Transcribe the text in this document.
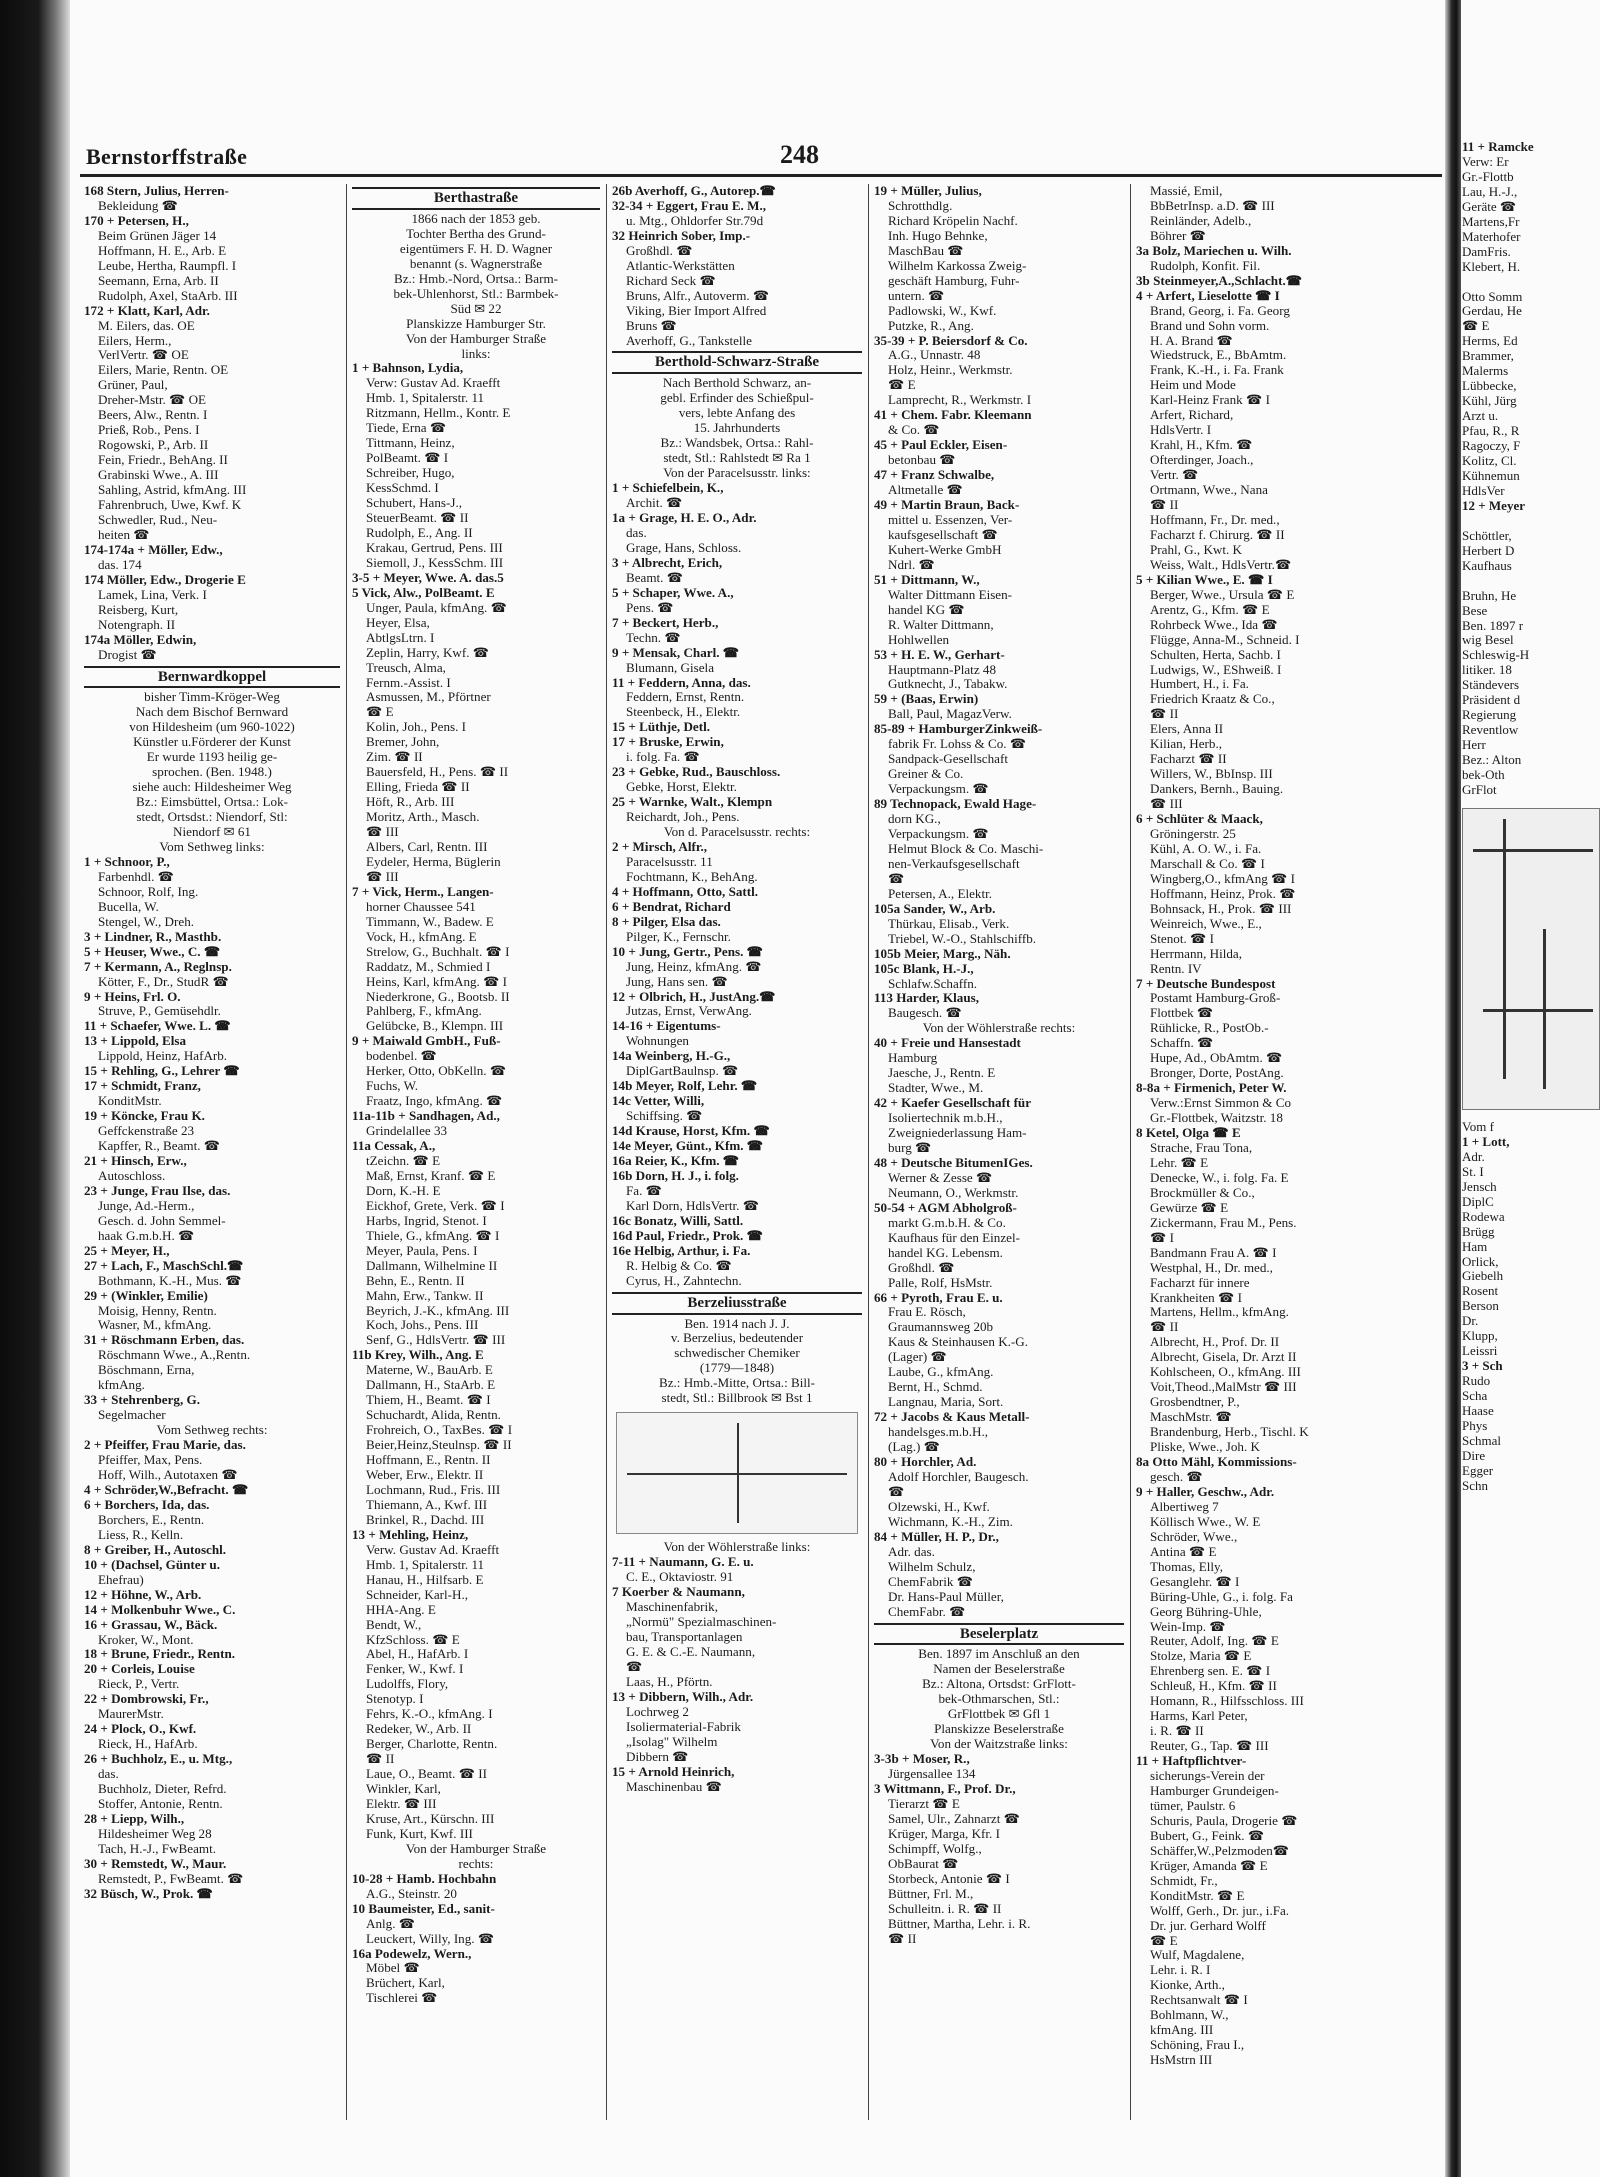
Bernstorffstraße	248
168 Stern, Julius, Herren-
Bekleidung ☎
170 + Petersen, H.,
Beim Grünen Jäger 14
Hoffmann, H. E., Arb. E
Leube, Hertha, Raumpfl. I
Seemann, Erna, Arb. II
Rudolph, Axel, StaArb. III
172 + Klatt, Karl, Adr.
M. Eilers, das. OE
Eilers, Herm.,
VerlVertr. ☎ OE
Eilers, Marie, Rentn. OE
Grüner, Paul,
Dreher-Mstr. ☎ OE
Beers, Alw., Rentn. I
Prieß, Rob., Pens. I
Rogowski, P., Arb. II
Fein, Friedr., BehAng. II
Grabinski Wwe., A. III
Sahling, Astrid, kfmAng. III
Fahrenbruch, Uwe, Kwf. K
Schwedler, Rud., Neu-
heiten ☎
174-174a + Möller, Edw.,
das. 174
174 Möller, Edw., Drogerie E
Lamek, Lina, Verk. I
Reisberg, Kurt,
Notengraph. II
174a Möller, Edwin,
Drogist ☎
Bernwardkoppel
bisher Timm-Kröger-Weg
Nach dem Bischof Bernward
von Hildesheim (um 960-1022)
Künstler u.Förderer der Kunst
Er wurde 1193 heilig ge-
sprochen. (Ben. 1948.)
siehe auch: Hildesheimer Weg
Bz.: Eimsbüttel, Ortsa.: Lok-
stedt, Ortsdst.: Niendorf, Stl:
Niendorf ✉ 61
Vom Sethweg links:
1 + Schnoor, P.,
Farbenhdl. ☎
Schnoor, Rolf, Ing.
Bucella, W.
Stengel, W., Dreh.
3 + Lindner, R., Masthb.
5 + Heuser, Wwe., C. ☎
7 + Kermann, A., Reglnsp.
Kötter, F., Dr., StudR ☎
9 + Heins, Frl. O.
Struve, P., Gemüsehdlr.
11 + Schaefer, Wwe. L. ☎
13 + Lippold, Elsa
Lippold, Heinz, HafArb.
15 + Rehling, G., Lehrer ☎
17 + Schmidt, Franz,
KonditMstr.
19 + Köncke, Frau K.
Geffckenstraße 23
Kapffer, R., Beamt. ☎
21 + Hinsch, Erw.,
Autoschloss.
23 + Junge, Frau Ilse, das.
Junge, Ad.-Herm.,
Gesch. d. John Semmel-
haak G.m.b.H. ☎
25 + Meyer, H.,
27 + Lach, F., MaschSchl.☎
Bothmann, K.-H., Mus. ☎
29 + (Winkler, Emilie)
Moisig, Henny, Rentn.
Wasner, M., kfmAng.
31 + Röschmann Erben, das.
Röschmann Wwe., A.,Rentn.
Böschmann, Erna,
kfmAng.
33 + Stehrenberg, G.
Segelmacher
Vom Sethweg rechts:
2 + Pfeiffer, Frau Marie, das.
Pfeiffer, Max, Pens.
Hoff, Wilh., Autotaxen ☎
4 + Schröder,W.,Befracht. ☎
6 + Borchers, Ida, das.
Borchers, E., Rentn.
Liess, R., Kelln.
8 + Greiber, H., Autoschl.
10 + (Dachsel, Günter u.
Ehefrau)
12 + Höhne, W., Arb.
14 + Molkenbuhr Wwe., C.
16 + Grassau, W., Bäck.
Kroker, W., Mont.
18 + Brune, Friedr., Rentn.
20 + Corleis, Louise
Rieck, P., Vertr.
22 + Dombrowski, Fr.,
MaurerMstr.
24 + Plock, O., Kwf.
Rieck, H., HafArb.
26 + Buchholz, E., u. Mtg.,
das.
Buchholz, Dieter, Refrd.
Stoffer, Antonie, Rentn.
28 + Liepp, Wilh.,
Hildesheimer Weg 28
Tach, H.-J., FwBeamt.
30 + Remstedt, W., Maur.
Remstedt, P., FwBeamt. ☎
32 Büsch, W., Prok. ☎
Berthastraße
1866 nach der 1853 geb.
Tochter Bertha des Grund-
eigentümers F. H. D. Wagner
benannt (s. Wagnerstraße
Bz.: Hmb.-Nord, Ortsa.: Barm-
bek-Uhlenhorst, Stl.: Barmbek-
Süd ✉ 22
Planskizze Hamburger Str.
Von der Hamburger Straße
links:
1 + Bahnson, Lydia,
Verw: Gustav Ad. Kraefft
Hmb. 1, Spitalerstr. 11
Ritzmann, Hellm., Kontr. E
Tiede, Erna ☎
Tittmann, Heinz,
PolBeamt. ☎ I
Schreiber, Hugo,
KessSchmd. I
Schubert, Hans-J.,
SteuerBeamt. ☎ II
Rudolph, E., Ang. II
Krakau, Gertrud, Pens. III
Siemoll, J., KessSchm. III
3-5 + Meyer, Wwe. A. das.5
5 Vick, Alw., PolBeamt. E
Unger, Paula, kfmAng. ☎
Heyer, Elsa,
AbtlgsLtrn. I
Zeplin, Harry, Kwf. ☎
Treusch, Alma,
Fernm.-Assist. I
Asmussen, M., Pförtner
☎ E
Kolin, Joh., Pens. I
Bremer, John,
Zim. ☎ II
Bauersfeld, H., Pens. ☎ II
Elling, Frieda ☎ II
Höft, R., Arb. III
Moritz, Arth., Masch.
☎ III
Albers, Carl, Rentn. III
Eydeler, Herma, Büglerin
☎ III
7 + Vick, Herm., Langen-
horner Chaussee 541
Timmann, W., Badew. E
Vock, H., kfmAng. E
Strelow, G., Buchhalt. ☎ I
Raddatz, M., Schmied I
Heins, Karl, kfmAng. ☎ I
Niederkrone, G., Bootsb. II
Pahlberg, F., kfmAng.
Gelübcke, B., Klempn. III
9 + Maiwald GmbH., Fuß-
bodenbel. ☎
Herker, Otto, ObKelln. ☎
Fuchs, W.
Fraatz, Ingo, kfmAng. ☎
11a-11b + Sandhagen, Ad.,
Grindelallee 33
11a Cessak, A.,
tZeichn. ☎ E
Maß, Ernst, Kranf. ☎ E
Dorn, K.-H. E
Eickhof, Grete, Verk. ☎ I
Harbs, Ingrid, Stenot. I
Thiele, G., kfmAng. ☎ I
Meyer, Paula, Pens. I
Dallmann, Wilhelmine II
Behn, E., Rentn. II
Mahn, Erw., Tankw. II
Beyrich, J.-K., kfmAng. III
Koch, Johs., Pens. III
Senf, G., HdlsVertr. ☎ III
11b Krey, Wilh., Ang. E
Materne, W., BauArb. E
Dallmann, H., StaArb. E
Thiem, H., Beamt. ☎ I
Schuchardt, Alida, Rentn.
Frohreich, O., TaxBes. ☎ I
Beier,Heinz,Steulnsp. ☎ II
Hoffmann, E., Rentn. II
Weber, Erw., Elektr. II
Lochmann, Rud., Fris. III
Thiemann, A., Kwf. III
Brinkel, R., Dachd. III
13 + Mehling, Heinz,
Verw. Gustav Ad. Kraefft
Hmb. 1, Spitalerstr. 11
Hanau, H., Hilfsarb. E
Schneider, Karl-H.,
HHA-Ang. E
Bendt, W.,
KfzSchloss. ☎ E
Abel, H., HafArb. I
Fenker, W., Kwf. I
Ludolffs, Flory,
Stenotyp. I
Fehrs, K.-O., kfmAng. I
Redeker, W., Arb. II
Berger, Charlotte, Rentn.
☎ II
Laue, O., Beamt. ☎ II
Winkler, Karl,
Elektr. ☎ III
Kruse, Art., Kürschn. III
Funk, Kurt, Kwf. III
Von der Hamburger Straße
rechts:
10-28 + Hamb. Hochbahn
A.G., Steinstr. 20
10 Baumeister, Ed., sanit-
Anlg. ☎
Leuckert, Willy, Ing. ☎
16a Podewelz, Wern.,
Möbel ☎
Brüchert, Karl,
Tischlerei ☎
26b Averhoff, G., Autorep.☎
32-34 + Eggert, Frau E. M.,
u. Mtg., Ohldorfer Str.79d
32 Heinrich Sober, Imp.-
Großhdl. ☎
Atlantic-Werkstätten
Richard Seck ☎
Bruns, Alfr., Autoverm. ☎
Viking, Bier Import Alfred
Bruns ☎
Averhoff, G., Tankstelle
Berthold-Schwarz-Straße
Nach Berthold Schwarz, an-
gebl. Erfinder des Schießpul-
vers, lebte Anfang des
15. Jahrhunderts
Bz.: Wandsbek, Ortsa.: Rahl-
stedt, Stl.: Rahlstedt ✉ Ra 1
Von der Paracelsusstr. links:
1 + Schiefelbein, K.,
Archit. ☎
1a + Grage, H. E. O., Adr.
das.
Grage, Hans, Schloss.
3 + Albrecht, Erich,
Beamt. ☎
5 + Schaper, Wwe. A.,
Pens. ☎
7 + Beckert, Herb.,
Techn. ☎
9 + Mensak, Charl. ☎
Blumann, Gisela
11 + Feddern, Anna, das.
Feddern, Ernst, Rentn.
Steenbeck, H., Elektr.
15 + Lüthje, Detl.
17 + Bruske, Erwin,
i. folg. Fa. ☎
23 + Gebke, Rud., Bauschloss.
Gebke, Horst, Elektr.
25 + Warnke, Walt., Klempn
Reichardt, Joh., Pens.
Von d. Paracelsusstr. rechts:
2 + Mirsch, Alfr.,
Paracelsusstr. 11
Fochtmann, K., BehAng.
4 + Hoffmann, Otto, Sattl.
6 + Bendrat, Richard
8 + Pilger, Elsa das.
Pilger, K., Fernschr.
10 + Jung, Gertr., Pens. ☎
Jung, Heinz, kfmAng. ☎
Jung, Hans sen. ☎
12 + Olbrich, H., JustAng.☎
Jutzas, Ernst, VerwAng.
14-16 + Eigentums-
Wohnungen
14a Weinberg, H.-G.,
DiplGartBaulnsp. ☎
14b Meyer, Rolf, Lehr. ☎
14c Vetter, Willi,
Schiffsing. ☎
14d Krause, Horst, Kfm. ☎
14e Meyer, Günt., Kfm. ☎
16a Reier, K., Kfm. ☎
16b Dorn, H. J., i. folg.
Fa. ☎
Karl Dorn, HdlsVertr. ☎
16c Bonatz, Willi, Sattl.
16d Paul, Friedr., Prok. ☎
16e Helbig, Arthur, i. Fa.
R. Helbig & Co. ☎
Cyrus, H., Zahntechn.
Berzeliusstraße
Ben. 1914 nach J. J.
v. Berzelius, bedeutender
schwedischer Chemiker
(1779—1848)
Bz.: Hmb.-Mitte, Ortsa.: Bill-
stedt, Stl.: Billbrook ✉ Bst 1
Von der Wöhlerstraße links:
7-11 + Naumann, G. E. u.
C. E., Oktaviostr. 91
7 Koerber & Naumann,
Maschinenfabrik,
„Normü" Spezialmaschinen-
bau, Transportanlagen
G. E. & C.-E. Naumann,
☎
Laas, H., Pförtn.
13 + Dibbern, Wilh., Adr.
Lochrweg 2
Isoliermaterial-Fabrik
„Isolag" Wilhelm
Dibbern ☎
15 + Arnold Heinrich,
Maschinenbau ☎
19 + Müller, Julius,
Schrotthdlg.
Richard Kröpelin Nachf.
Inh. Hugo Behnke,
MaschBau ☎
Wilhelm Karkossa Zweig-
geschäft Hamburg, Fuhr-
untern. ☎
Padlowski, W., Kwf.
Putzke, R., Ang.
35-39 + P. Beiersdorf & Co.
A.G., Unnastr. 48
Holz, Heinr., Werkmstr.
☎ E
Lamprecht, R., Werkmstr. I
41 + Chem. Fabr. Kleemann
& Co. ☎
45 + Paul Eckler, Eisen-
betonbau ☎
47 + Franz Schwalbe,
Altmetalle ☎
49 + Martin Braun, Back-
mittel u. Essenzen, Ver-
kaufsgesellschaft ☎
Kuhert-Werke GmbH
Ndrl. ☎
51 + Dittmann, W.,
Walter Dittmann Eisen-
handel KG ☎
R. Walter Dittmann,
Hohlwellen
53 + H. E. W., Gerhart-
Hauptmann-Platz 48
Gutknecht, J., Tabakw.
59 + (Baas, Erwin)
Ball, Paul, MagazVerw.
85-89 + HamburgerZinkweiß-
fabrik Fr. Lohss & Co. ☎
Sandpack-Gesellschaft
Greiner & Co.
Verpackungsm. ☎
89 Technopack, Ewald Hage-
dorn KG.,
Verpackungsm. ☎
Helmut Block & Co. Maschi-
nen-Verkaufsgesellschaft
☎
Petersen, A., Elektr.
105a Sander, W., Arb.
Thürkau, Elisab., Verk.
Triebel, W.-O., Stahlschiffb.
105b Meier, Marg., Näh.
105c Blank, H.-J.,
Schlafw.Schaffn.
113 Harder, Klaus,
Baugesch. ☎
Von der Wöhlerstraße rechts:
40 + Freie und Hansestadt
Hamburg
Jaesche, J., Rentn. E
Stadter, Wwe., M.
42 + Kaefer Gesellschaft für
Isoliertechnik m.b.H.,
Zweigniederlassung Ham-
burg ☎
48 + Deutsche BitumenIGes.
Werner & Zesse ☎
Neumann, O., Werkmstr.
50-54 + AGM Abholgroß-
markt G.m.b.H. & Co.
Kaufhaus für den Einzel-
handel KG. Lebensm.
Großhdl. ☎
Palle, Rolf, HsMstr.
66 + Pyroth, Frau E. u.
Frau E. Rösch,
Graumannsweg 20b
Kaus & Steinhausen K.-G.
(Lager) ☎
Laube, G., kfmAng.
Bernt, H., Schmd.
Langnau, Maria, Sort.
72 + Jacobs & Kaus Metall-
handelsges.m.b.H.,
(Lag.) ☎
80 + Horchler, Ad.
Adolf Horchler, Baugesch.
☎
Olzewski, H., Kwf.
Wichmann, K.-H., Zim.
84 + Müller, H. P., Dr.,
Adr. das.
Wilhelm Schulz,
ChemFabrik ☎
Dr. Hans-Paul Müller,
ChemFabr. ☎
Beselerplatz
Ben. 1897 im Anschluß an den
Namen der Beselerstraße
Bz.: Altona, Ortsdst: GrFlott-
bek-Othmarschen, Stl.:
GrFlottbek ✉ Gfl 1
Planskizze Beselerstraße
Von der Waitzstraße links:
3-3b + Moser, R.,
Jürgensallee 134
3 Wittmann, F., Prof. Dr.,
Tierarzt ☎ E
Samel, Ulr., Zahnarzt ☎
Krüger, Marga, Kfr. I
Schimpff, Wolfg.,
ObBaurat ☎
Storbeck, Antonie ☎ I
Büttner, Frl. M.,
Schulleitn. i. R. ☎ II
Büttner, Martha, Lehr. i. R.
☎ II
Massié, Emil,
BbBetrInsp. a.D. ☎ III
Reinländer, Adelb.,
Böhrer ☎
3a Bolz, Mariechen u. Wilh.
Rudolph, Konfit. Fil.
3b Steinmeyer,A.,Schlacht.☎
4 + Arfert, Lieselotte ☎ I
Brand, Georg, i. Fa. Georg
Brand und Sohn vorm.
H. A. Brand ☎
Wiedstruck, E., BbAmtm.
Frank, K.-H., i. Fa. Frank
Heim und Mode
Karl-Heinz Frank ☎ I
Arfert, Richard,
HdlsVertr. I
Krahl, H., Kfm. ☎
Ofterdinger, Joach.,
Vertr. ☎
Ortmann, Wwe., Nana
☎ II
Hoffmann, Fr., Dr. med.,
Facharzt f. Chirurg. ☎ II
Prahl, G., Kwt. K
Weiss, Walt., HdlsVertr.☎
5 + Kilian Wwe., E. ☎ I
Berger, Wwe., Ursula ☎ E
Arentz, G., Kfm. ☎ E
Rohrbeck Wwe., Ida ☎
Flügge, Anna-M., Schneid. I
Schulten, Herta, Sachb. I
Ludwigs, W., EShweiß. I
Humbert, H., i. Fa.
Friedrich Kraatz & Co.,
☎ II
Elers, Anna II
Kilian, Herb.,
Facharzt ☎ II
Willers, W., BbInsp. III
Dankers, Bernh., Bauing.
☎ III
6 + Schlüter & Maack,
Gröningerstr. 25
Kühl, A. O. W., i. Fa.
Marschall & Co. ☎ I
Wingberg,O., kfmAng ☎ I
Hoffmann, Heinz, Prok. ☎
Bohnsack, H., Prok. ☎ III
Weinreich, Wwe., E.,
Stenot. ☎ I
Herrmann, Hilda,
Rentn. IV
7 + Deutsche Bundespost
Postamt Hamburg-Groß-
Flottbek ☎
Rühlicke, R., PostOb.-
Schaffn. ☎
Hupe, Ad., ObAmtm. ☎
Bronger, Dorte, PostAng.
8-8a + Firmenich, Peter W.
Verw.:Ernst Simmon & Co
Gr.-Flottbek, Waitzstr. 18
8 Ketel, Olga ☎ E
Strache, Frau Tona,
Lehr. ☎ E
Denecke, W., i. folg. Fa. E
Brockmüller & Co.,
Gewürze ☎ E
Zickermann, Frau M., Pens.
☎ I
Bandmann Frau A. ☎ I
Westphal, H., Dr. med.,
Facharzt für innere
Krankheiten ☎ I
Martens, Hellm., kfmAng.
☎ II
Albrecht, H., Prof. Dr. II
Albrecht, Gisela, Dr. Arzt II
Kohlscheen, O., kfmAng. III
Voit,Theod.,MalMstr ☎ III
Grosbendtner, P.,
MaschMstr. ☎
Brandenburg, Herb., Tischl. K
Pliske, Wwe., Joh. K
8a Otto Mähl, Kommissions-
gesch. ☎
9 + Haller, Geschw., Adr.
Albertiweg 7
Köllisch Wwe., W. E
Schröder, Wwe.,
Antina ☎ E
Thomas, Elly,
Gesanglehr. ☎ I
Büring-Uhle, G., i. folg. Fa
Georg Bühring-Uhle,
Wein-Imp. ☎
Reuter, Adolf, Ing. ☎ E
Stolze, Maria ☎ E
Ehrenberg sen. E. ☎ I
Schleuß, H., Kfm. ☎ II
Homann, R., Hilfsschloss. III
Harms, Karl Peter,
i. R. ☎ II
Reuter, G., Tap. ☎ III
11 + Haftpflichtver-
sicherungs-Verein der
Hamburger Grundeigen-
tümer, Paulstr. 6
Schuris, Paula, Drogerie ☎
Bubert, G., Feink. ☎
Schäffer,W.,Pelzmoden☎
Krüger, Amanda ☎ E
Schmidt, Fr.,
KonditMstr. ☎ E
Wolff, Gerh., Dr. jur., i.Fa.
Dr. jur. Gerhard Wolff
☎ E
Wulf, Magdalene,
Lehr. i. R. I
Kionke, Arth.,
Rechtsanwalt ☎ I
Bohlmann, W.,
kfmAng. III
Schöning, Frau I.,
HsMstrn III
11 + Ramcke
Verw: Er
Gr.-Flottb
Lau, H.-J.,
Geräte ☎
Martens,Fr
Materhofer
DamFris.
Klebert, H.

Otto Somm
Gerdau, He
☎ E
Herms, Ed
Brammer,
Malerms
Lübbecke,
Kühl, Jürg
Arzt u.
Pfau, R., R
Ragoczy, F
Kolitz, Cl.
Kühnemun
HdlsVer
12 + Meyer

Schöttler,
Herbert D
Kaufhaus

Bruhn, He
Bese
Ben. 1897 r
wig Besel
Schleswig-H
litiker. 18
Ständevers
Präsident d
Regierung
Reventlow
Herr
Bez.: Alton
bek-Oth
GrFlot
Vom f
1 + Lott,
Adr.
St. I
Jensch
DiplC
Rodewa
Brügg
Ham
Orlick,
Giebelh
Rosent
Berson
Dr.
Klupp,
Leissri
3 + Sch
Rudo
Scha
Haase
Phys
Schmal
Dire
Egger
Schn
